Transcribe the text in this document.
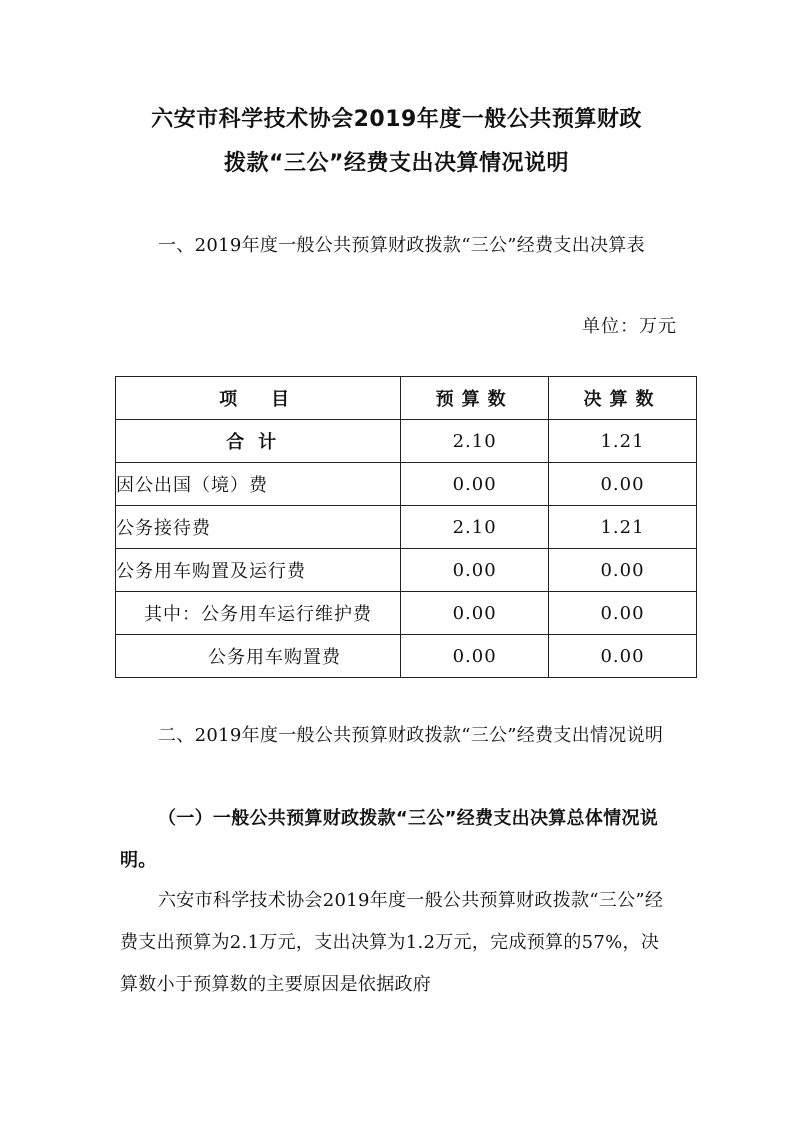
六安市科学技术协会2019年度一般公共预算财政
拨款“三公”经费支出决算情况说明
一、2019年度一般公共预算财政拨款“三公”经费支出决算表
单位：万元
项　目	预算数	决算数
合计	2.10	1.21
因公出国（境）费	0.00	0.00
公务接待费	2.10	1.21
公务用车购置及运行费	0.00	0.00
其中：公务用车运行维护费	0.00	0.00
公务用车购置费	0.00	0.00
二、2019年度一般公共预算财政拨款“三公”经费支出情况说明
（一）一般公共预算财政拨款“三公”经费支出决算总体情况说明。
六安市科学技术协会2019年度一般公共预算财政拨款“三公”经费支出预算为2.1万元，支出决算为1.2万元，完成预算的57%，决算数小于预算数的主要原因是依据政府
